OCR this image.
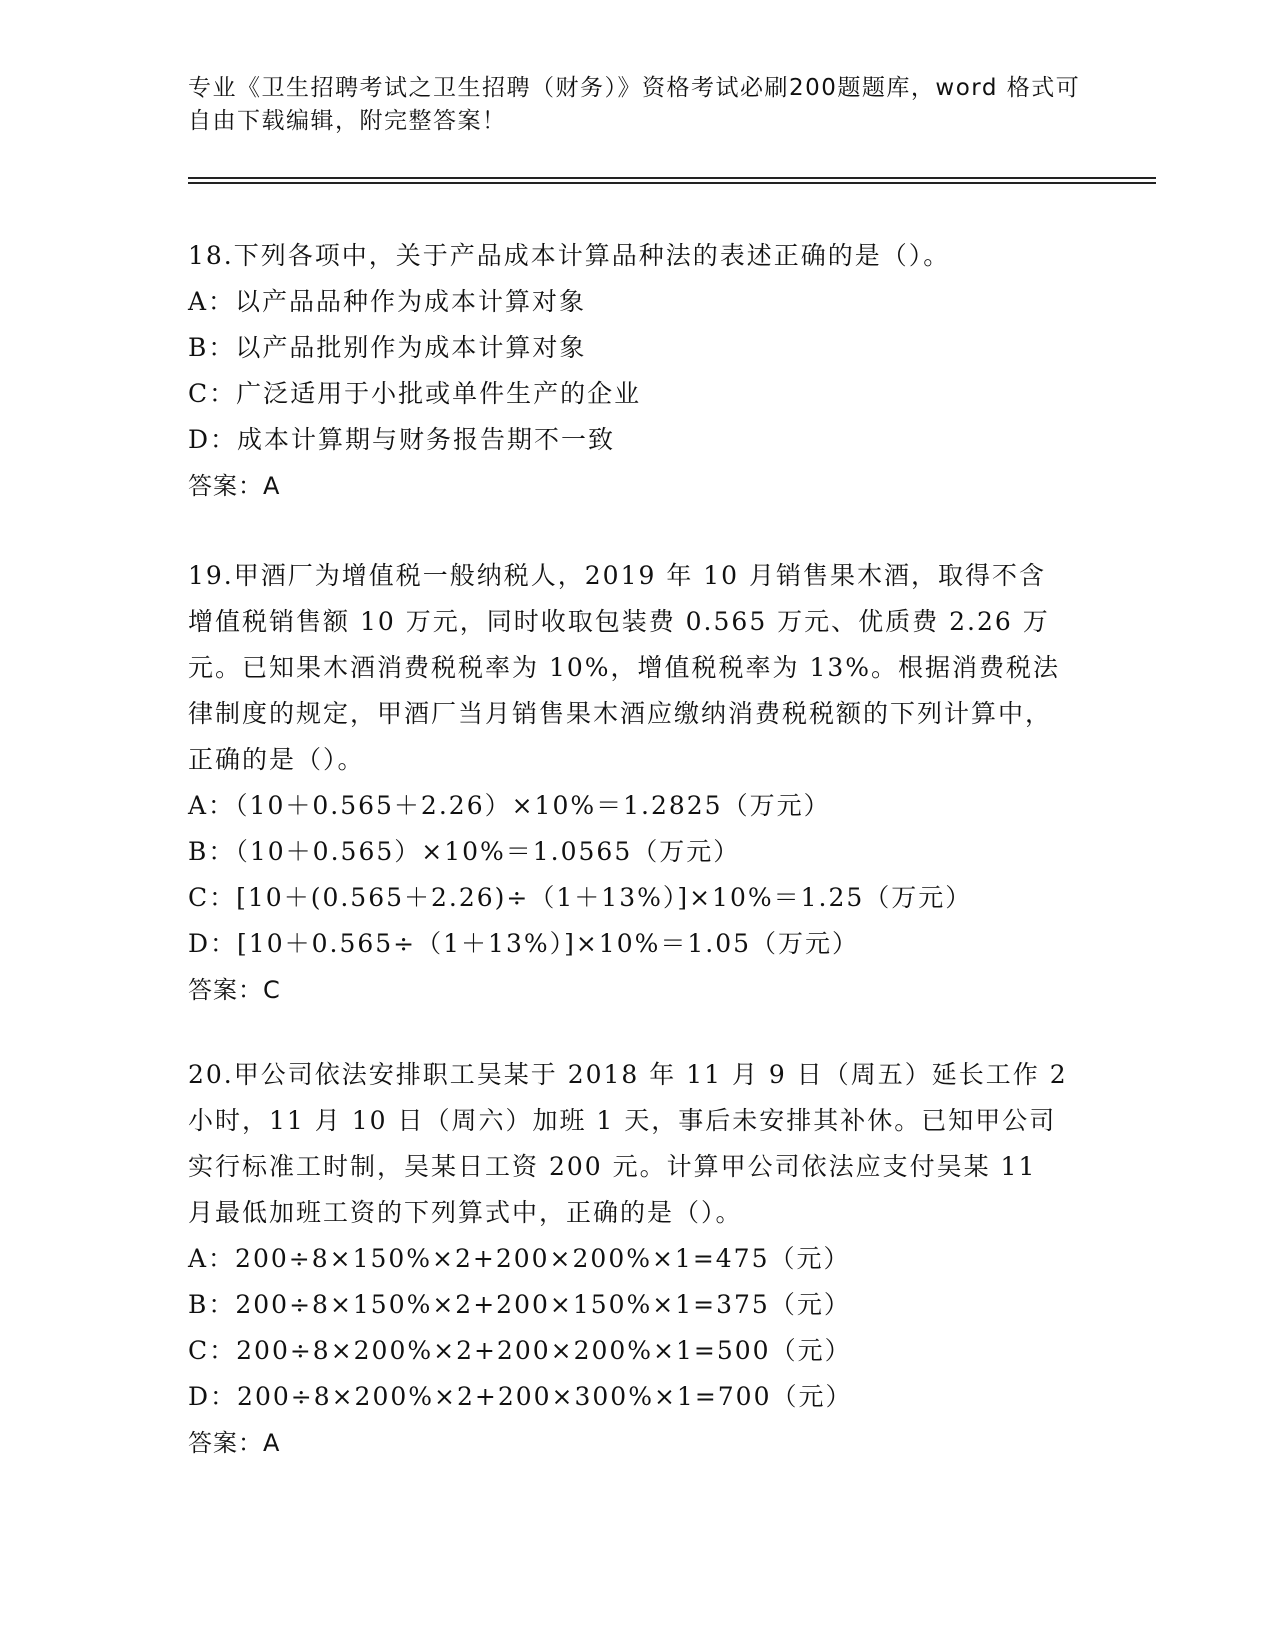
专业《卫生招聘考试之卫生招聘（财务）》资格考试必刷200题题库，word 格式可自由下载编辑，附完整答案！
18.下列各项中，关于产品成本计算品种法的表述正确的是（）。
A：以产品品种作为成本计算对象
B：以产品批别作为成本计算对象
C：广泛适用于小批或单件生产的企业
D：成本计算期与财务报告期不一致
答案：A
19.甲酒厂为增值税一般纳税人，2019 年 10 月销售果木酒，取得不含增值税销售额 10 万元，同时收取包装费 0.565 万元、优质费 2.26 万元。已知果木酒消费税税率为 10%，增值税税率为 13%。根据消费税法律制度的规定，甲酒厂当月销售果木酒应缴纳消费税税额的下列计算中，正确的是（）。
A：（10＋0.565＋2.26）×10%＝1.2825（万元）
B：（10＋0.565）×10%＝1.0565（万元）
C：[10＋(0.565＋2.26)÷（1＋13%）]×10%＝1.25（万元）
D：[10＋0.565÷（1＋13%）]×10%＝1.05（万元）
答案：C
20.甲公司依法安排职工吴某于 2018 年 11 月 9 日（周五）延长工作 2 小时，11 月 10 日（周六）加班 1 天，事后未安排其补休。已知甲公司实行标准工时制，吴某日工资 200 元。计算甲公司依法应支付吴某 11 月最低加班工资的下列算式中，正确的是（）。
A：200÷8×150%×2+200×200%×1=475（元）
B：200÷8×150%×2+200×150%×1=375（元）
C：200÷8×200%×2+200×200%×1=500（元）
D：200÷8×200%×2+200×300%×1=700（元）
答案：A
